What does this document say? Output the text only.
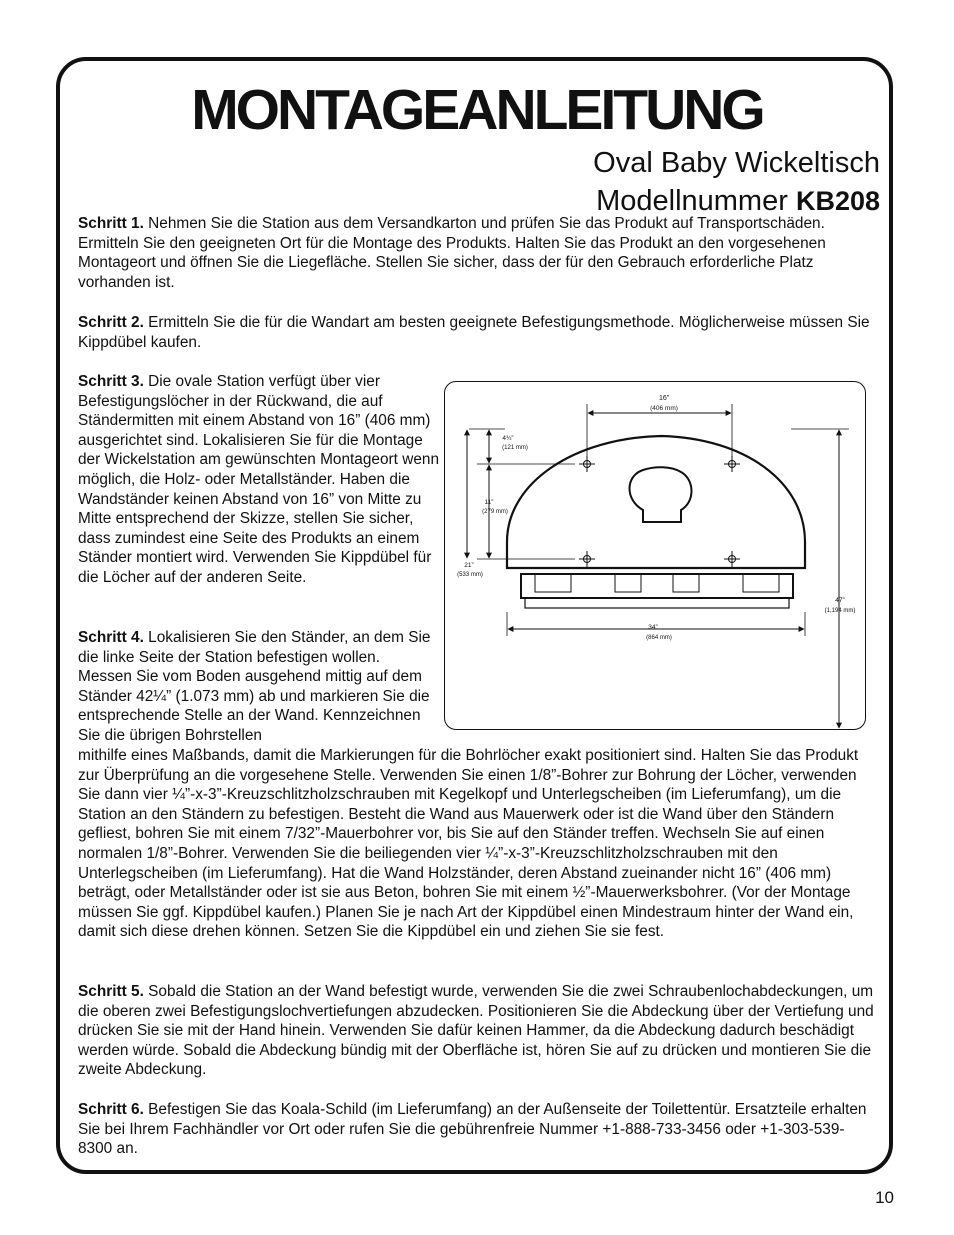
MONTAGEANLEITUNG

Oval Baby Wickeltisch

Modellnummer KB208

Schritt 1. Nehmen Sie die Station aus dem Versandkarton und prüfen Sie das Produkt auf Transportschäden. Ermitteln Sie den geeigneten Ort für die Montage des Produkts. Halten Sie das Produkt an den vorgesehenen Montageort und öffnen Sie die Liegefläche. Stellen Sie sicher, dass der für den Gebrauch erforderliche Platz vorhanden ist.

Schritt 2. Ermitteln Sie die für die Wandart am besten geeignete Befestigungsmethode. Möglicherweise müssen Sie Kippdübel kaufen.

Schritt 3. Die ovale Station verfügt über vier Befestigungslöcher in der Rückwand, die auf Ständermitten mit einem Abstand von 16” (406 mm) ausgerichtet sind. Lokalisieren Sie für die Montage der Wickelstation am gewünschten Montageort wenn möglich, die Holz- oder Metallständer. Haben die Wandständer keinen Abstand von 16” von Mitte zu Mitte entsprechend der Skizze, stellen Sie sicher, dass zumindest eine Seite des Produkts an einem Ständer montiert wird. Verwenden Sie Kippdübel für die Löcher auf der anderen Seite.

Schritt 4. Lokalisieren Sie den Ständer, an dem Sie die linke Seite der Station befestigen wollen. Messen Sie vom Boden ausgehend mittig auf dem Ständer 42¼” (1.073 mm) ab und markieren Sie die entsprechende Stelle an der Wand. Kennzeichnen Sie die übrigen Bohrstellen

mithilfe eines Maßbands, damit die Markierungen für die Bohrlöcher exakt positioniert sind. Halten Sie das Produkt zur Überprüfung an die vorgesehene Stelle. Verwenden Sie einen 1/8”-Bohrer zur Bohrung der Löcher, verwenden Sie dann vier ¼”-x-3”-Kreuzschlitzholzschrauben mit Kegelkopf und Unterlegscheiben (im Lieferumfang), um die Station an den Ständern zu befestigen. Besteht die Wand aus Mauerwerk oder ist die Wand über den Ständern gefliest, bohren Sie mit einem 7/32”-Mauerbohrer vor, bis Sie auf den Ständer treffen. Wechseln Sie auf einen normalen 1/8”-Bohrer. Verwenden Sie die beiliegenden vier ¼”-x-3”-Kreuzschlitzholzschrauben mit den Unterlegscheiben (im Lieferumfang). Hat die Wand Holzständer, deren Abstand zueinander nicht 16” (406 mm) beträgt, oder Metallständer oder ist sie aus Beton, bohren Sie mit einem ½”-Mauerwerksbohrer. (Vor der Montage müssen Sie ggf. Kippdübel kaufen.) Planen Sie je nach Art der Kippdübel einen Mindestraum hinter der Wand ein, damit sich diese drehen können. Setzen Sie die Kippdübel ein und ziehen Sie sie fest.

Schritt 5. Sobald die Station an der Wand befestigt wurde, verwenden Sie die zwei Schraubenlochabdeckungen, um die oberen zwei Befestigungslochvertiefungen abzudecken. Positionieren Sie die Abdeckung über der Vertiefung und drücken Sie sie mit der Hand hinein. Verwenden Sie dafür keinen Hammer, da die Abdeckung dadurch beschädigt werden würde. Sobald die Abdeckung bündig mit der Oberfläche ist, hören Sie auf zu drücken und montieren Sie die zweite Abdeckung.

Schritt 6. Befestigen Sie das Koala-Schild (im Lieferumfang) an der Außenseite der Toilettentür. Ersatzteile erhalten Sie bei Ihrem Fachhändler vor Ort oder rufen Sie die gebührenfreie Nummer +1-888-733-3456 oder +1-303-539-8300 an.

16”
(406 mm)
4¾”
(121 mm)
11”
(279 mm)
21”
(533 mm)
34”
(864 mm)
47”
(1,194 mm)

10
